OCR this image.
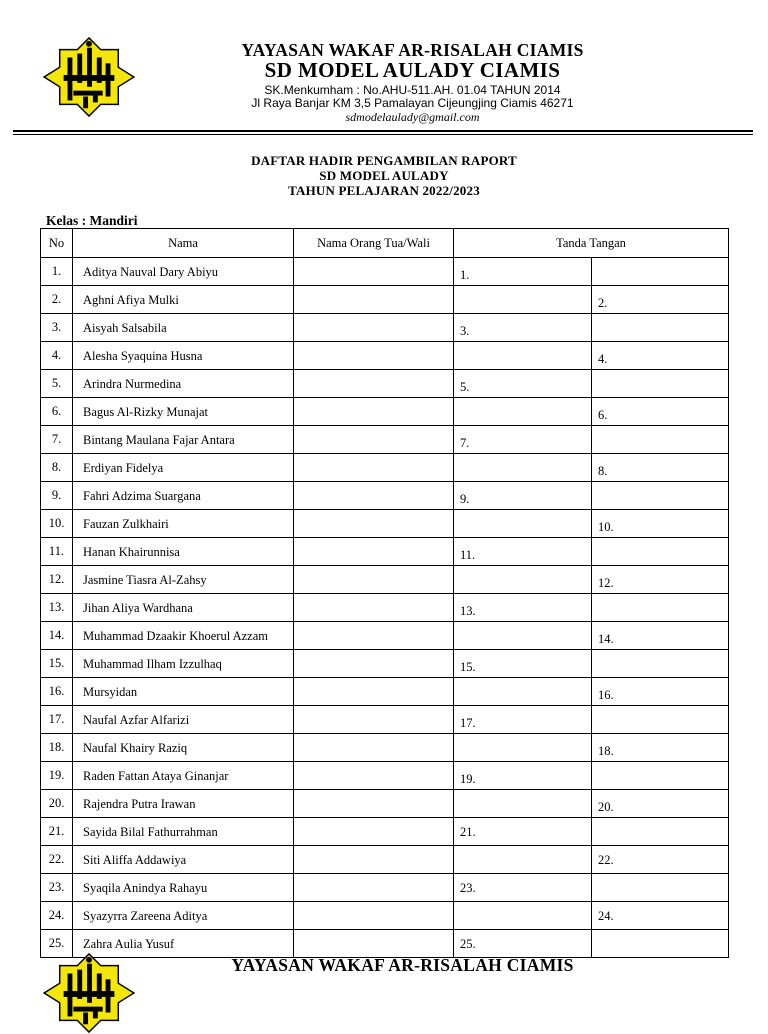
YAYASAN WAKAF AR-RISALAH CIAMIS
SD MODEL AULADY CIAMIS
SK.Menkumham : No.AHU-511.AH. 01.04 TAHUN 2014
Jl Raya Banjar KM 3,5 Pamalayan Cijeungjing Ciamis 46271
sdmodelaulady@gmail.com
DAFTAR HADIR PENGAMBILAN RAPORT
SD MODEL AULADY
TAHUN PELAJARAN 2022/2023
Kelas : Mandiri
No	Nama	Nama Orang Tua/Wali	Tanda Tangan	
1.	Aditya Nauval Dary Abiyu		1.	
2.	Aghni Afiya Mulki			2.
3.	Aisyah Salsabila		3.	
4.	Alesha Syaquina Husna			4.
5.	Arindra Nurmedina		5.	
6.	Bagus Al-Rizky Munajat			6.
7.	Bintang Maulana Fajar Antara		7.	
8.	Erdiyan Fidelya			8.
9.	Fahri Adzima Suargana		9.	
10.	Fauzan Zulkhairi			10.
11.	Hanan Khairunnisa		11.	
12.	Jasmine Tiasra Al-Zahsy			12.
13.	Jihan Aliya Wardhana		13.	
14.	Muhammad Dzaakir Khoerul Azzam			14.
15.	Muhammad Ilham Izzulhaq		15.	
16.	Mursyidan			16.
17.	Naufal Azfar Alfarizi		17.	
18.	Naufal Khairy Raziq			18.
19.	Raden Fattan Ataya Ginanjar		19.	
20.	Rajendra Putra Irawan			20.
21.	Sayida Bilal Fathurrahman		21.	
22.	Siti Aliffa Addawiya			22.
23.	Syaqila Anindya Rahayu		23.	
24.	Syazyrra Zareena Aditya			24.
25.	Zahra Aulia Yusuf		25.	
YAYASAN WAKAF AR-RISALAH CIAMIS
